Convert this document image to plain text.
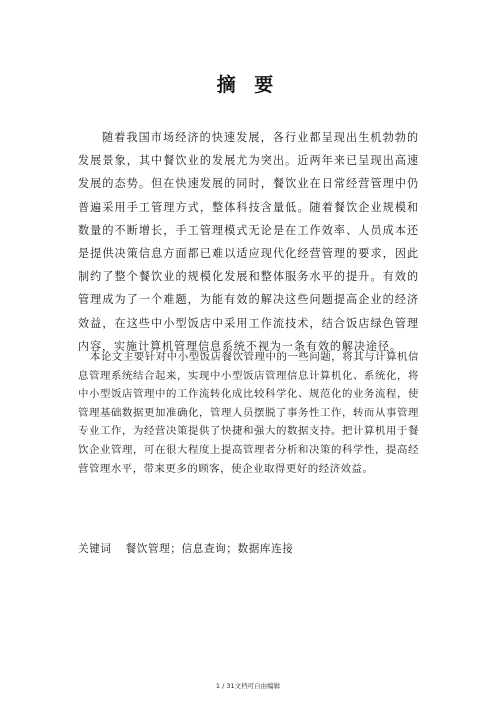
摘 要

随着我国市场经济的快速发展，各行业都呈现出生机勃勃的发展景象，其中餐饮业的发展尤为突出。近两年来已呈现出高速发展的态势。但在快速发展的同时，餐饮业在日常经营管理中仍普遍采用手工管理方式，整体科技含量低。随着餐饮企业规模和数量的不断增长，手工管理模式无论是在工作效率、人员成本还是提供决策信息方面都已难以适应现代化经营管理的要求，因此制约了整个餐饮业的规模化发展和整体服务水平的提升。有效的管理成为了一个难题，为能有效的解决这些问题提高企业的经济效益，在这些中小型饭店中采用工作流技术，结合饭店绿色管理内容，实施计算机管理信息系统不视为一条有效的解决途径。

本论文主要针对中小型饭店餐饮管理中的一些问题，将其与计算机信息管理系统结合起来，实现中小型饭店管理信息计算机化、系统化，将中小型饭店管理中的工作流转化成比较科学化、规范化的业务流程，使管理基础数据更加准确化，管理人员摆脱了事务性工作，转而从事管理专业工作，为经营决策提供了快捷和强大的数据支持。把计算机用于餐饮企业管理，可在很大程度上提高管理者分析和决策的科学性，提高经营管理水平，带来更多的顾客，使企业取得更好的经济效益。

关键词 餐饮管理；信息查询；数据库连接

1 / 31文档可自由编辑
